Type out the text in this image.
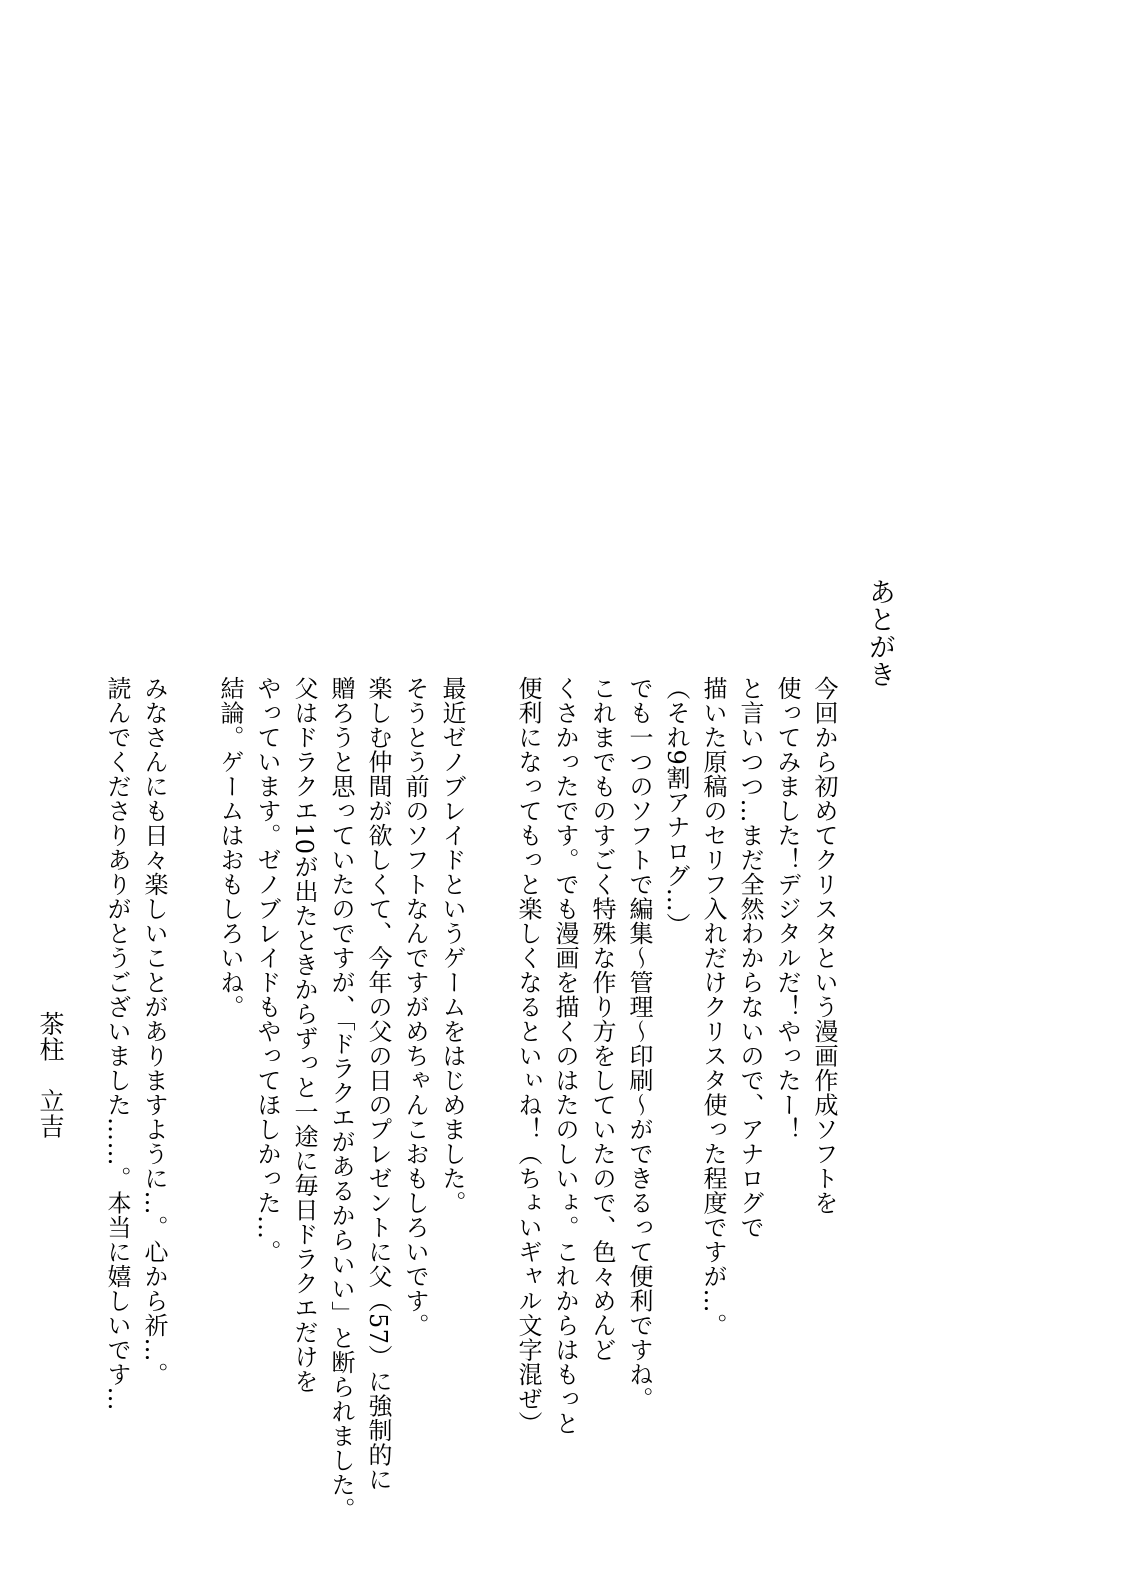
あとがき
今回から初めてクリスタという漫画作成ソフトを
使ってみました！デジタルだ！やったー！
と言いつつ…まだ全然わからないので、アナログで
描いた原稿のセリフ入れだけクリスタ使った程度ですが…。
（それ9割アナログ…）
でも一つのソフトで編集〜管理〜印刷〜ができるって便利ですね。
これまでものすごく特殊な作り方をしていたので、色々めんど
くさかったです。でも漫画を描くのはたのしいょ。これからはもっと
便利になってもっと楽しくなるといぃね！（ちょいギャル文字混ぜ）
最近ゼノブレイドというゲームをはじめました。
そうとう前のソフトなんですがめちゃんこおもしろいです。
楽しむ仲間が欲しくて、今年の父の日のプレゼントに父（57）に強制的に
贈ろうと思っていたのですが、「ドラクエがあるからいい」と断られました。
父はドラクエ10が出たときからずっと一途に毎日ドラクエだけを
やっています。ゼノブレイドもやってほしかった…。
結論。ゲームはおもしろいね。
みなさんにも日々楽しいことがありますように…。心から祈…。
読んでくださりありがとうございました……。本当に嬉しいです…
茶柱立吉
